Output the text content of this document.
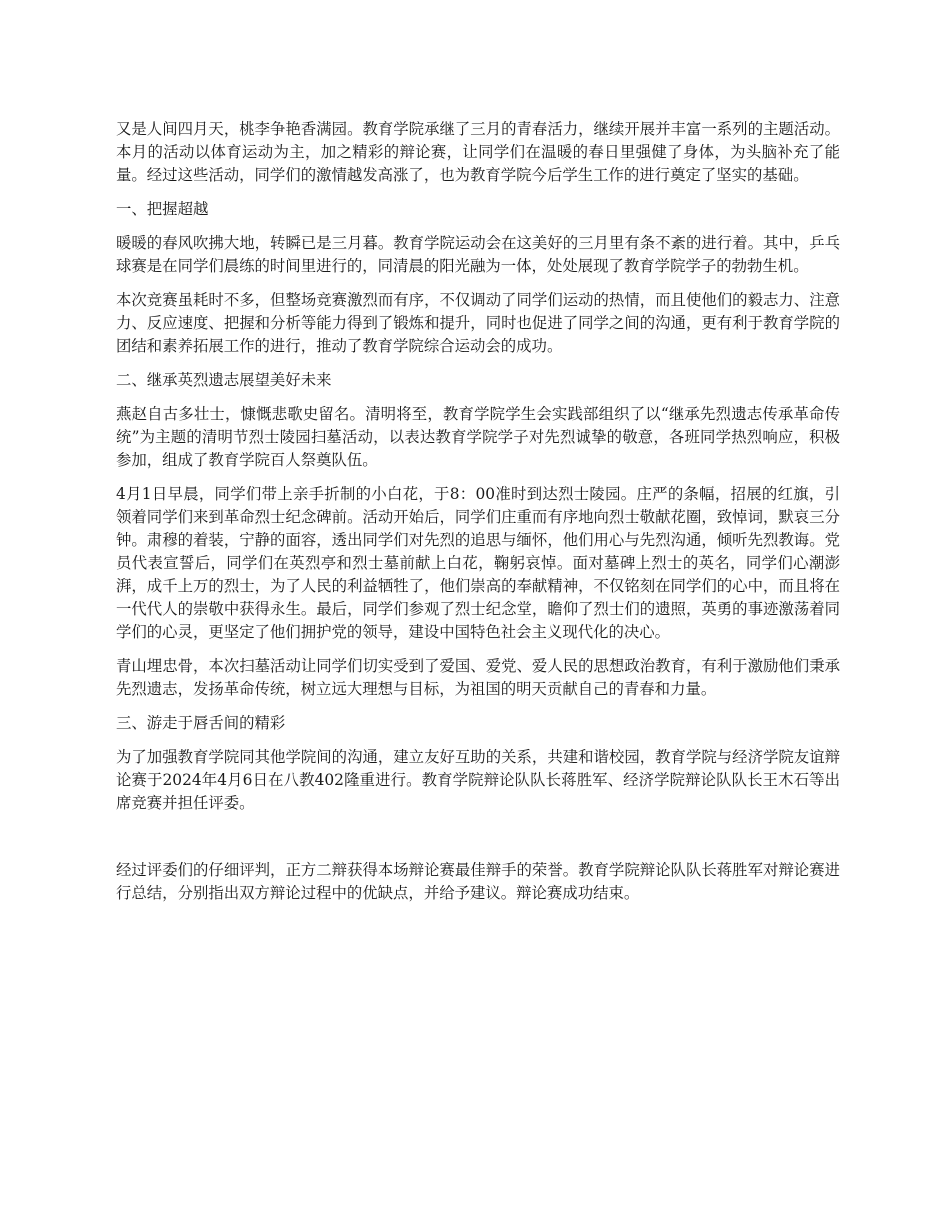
又是人间四月天，桃李争艳香满园。教育学院承继了三月的青春活力，继续开展并丰富一系列的主题活动。本月的活动以体育运动为主，加之精彩的辩论赛，让同学们在温暖的春日里强健了身体，为头脑补充了能量。经过这些活动，同学们的激情越发高涨了，也为教育学院今后学生工作的进行奠定了坚实的基础。

一、把握超越

暖暖的春风吹拂大地，转瞬已是三月暮。教育学院运动会在这美好的三月里有条不紊的进行着。其中，乒乓球赛是在同学们晨练的时间里进行的，同清晨的阳光融为一体，处处展现了教育学院学子的勃勃生机。

本次竞赛虽耗时不多，但整场竞赛激烈而有序，不仅调动了同学们运动的热情，而且使他们的毅志力、注意力、反应速度、把握和分析等能力得到了锻炼和提升，同时也促进了同学之间的沟通，更有利于教育学院的团结和素养拓展工作的进行，推动了教育学院综合运动会的成功。

二、继承英烈遗志展望美好未来

燕赵自古多壮士，慷慨悲歌史留名。清明将至，教育学院学生会实践部组织了以“继承先烈遗志传承革命传统”为主题的清明节烈士陵园扫墓活动，以表达教育学院学子对先烈诚挚的敬意，各班同学热烈响应，积极参加，组成了教育学院百人祭奠队伍。

4月1日早晨，同学们带上亲手折制的小白花，于8：00准时到达烈士陵园。庄严的条幅，招展的红旗，引领着同学们来到革命烈士纪念碑前。活动开始后，同学们庄重而有序地向烈士敬献花圈，致悼词，默哀三分钟。肃穆的着装，宁静的面容，透出同学们对先烈的追思与缅怀，他们用心与先烈沟通，倾听先烈教诲。党员代表宣誓后，同学们在英烈亭和烈士墓前献上白花，鞠躬哀悼。面对墓碑上烈士的英名，同学们心潮澎湃，成千上万的烈士，为了人民的利益牺牲了，他们崇高的奉献精神，不仅铭刻在同学们的心中，而且将在一代代人的崇敬中获得永生。最后，同学们参观了烈士纪念堂，瞻仰了烈士们的遗照，英勇的事迹激荡着同学们的心灵，更坚定了他们拥护党的领导，建设中国特色社会主义现代化的决心。

青山埋忠骨，本次扫墓活动让同学们切实受到了爱国、爱党、爱人民的思想政治教育，有利于激励他们秉承先烈遗志，发扬革命传统，树立远大理想与目标，为祖国的明天贡献自己的青春和力量。

三、游走于唇舌间的精彩

为了加强教育学院同其他学院间的沟通，建立友好互助的关系，共建和谐校园，教育学院与经济学院友谊辩论赛于2024年4月6日在八教402隆重进行。教育学院辩论队队长蒋胜军、经济学院辩论队队长王木石等出席竞赛并担任评委。

经过评委们的仔细评判，正方二辩获得本场辩论赛最佳辩手的荣誉。教育学院辩论队队长蒋胜军对辩论赛进行总结，分别指出双方辩论过程中的优缺点，并给予建议。辩论赛成功结束。
